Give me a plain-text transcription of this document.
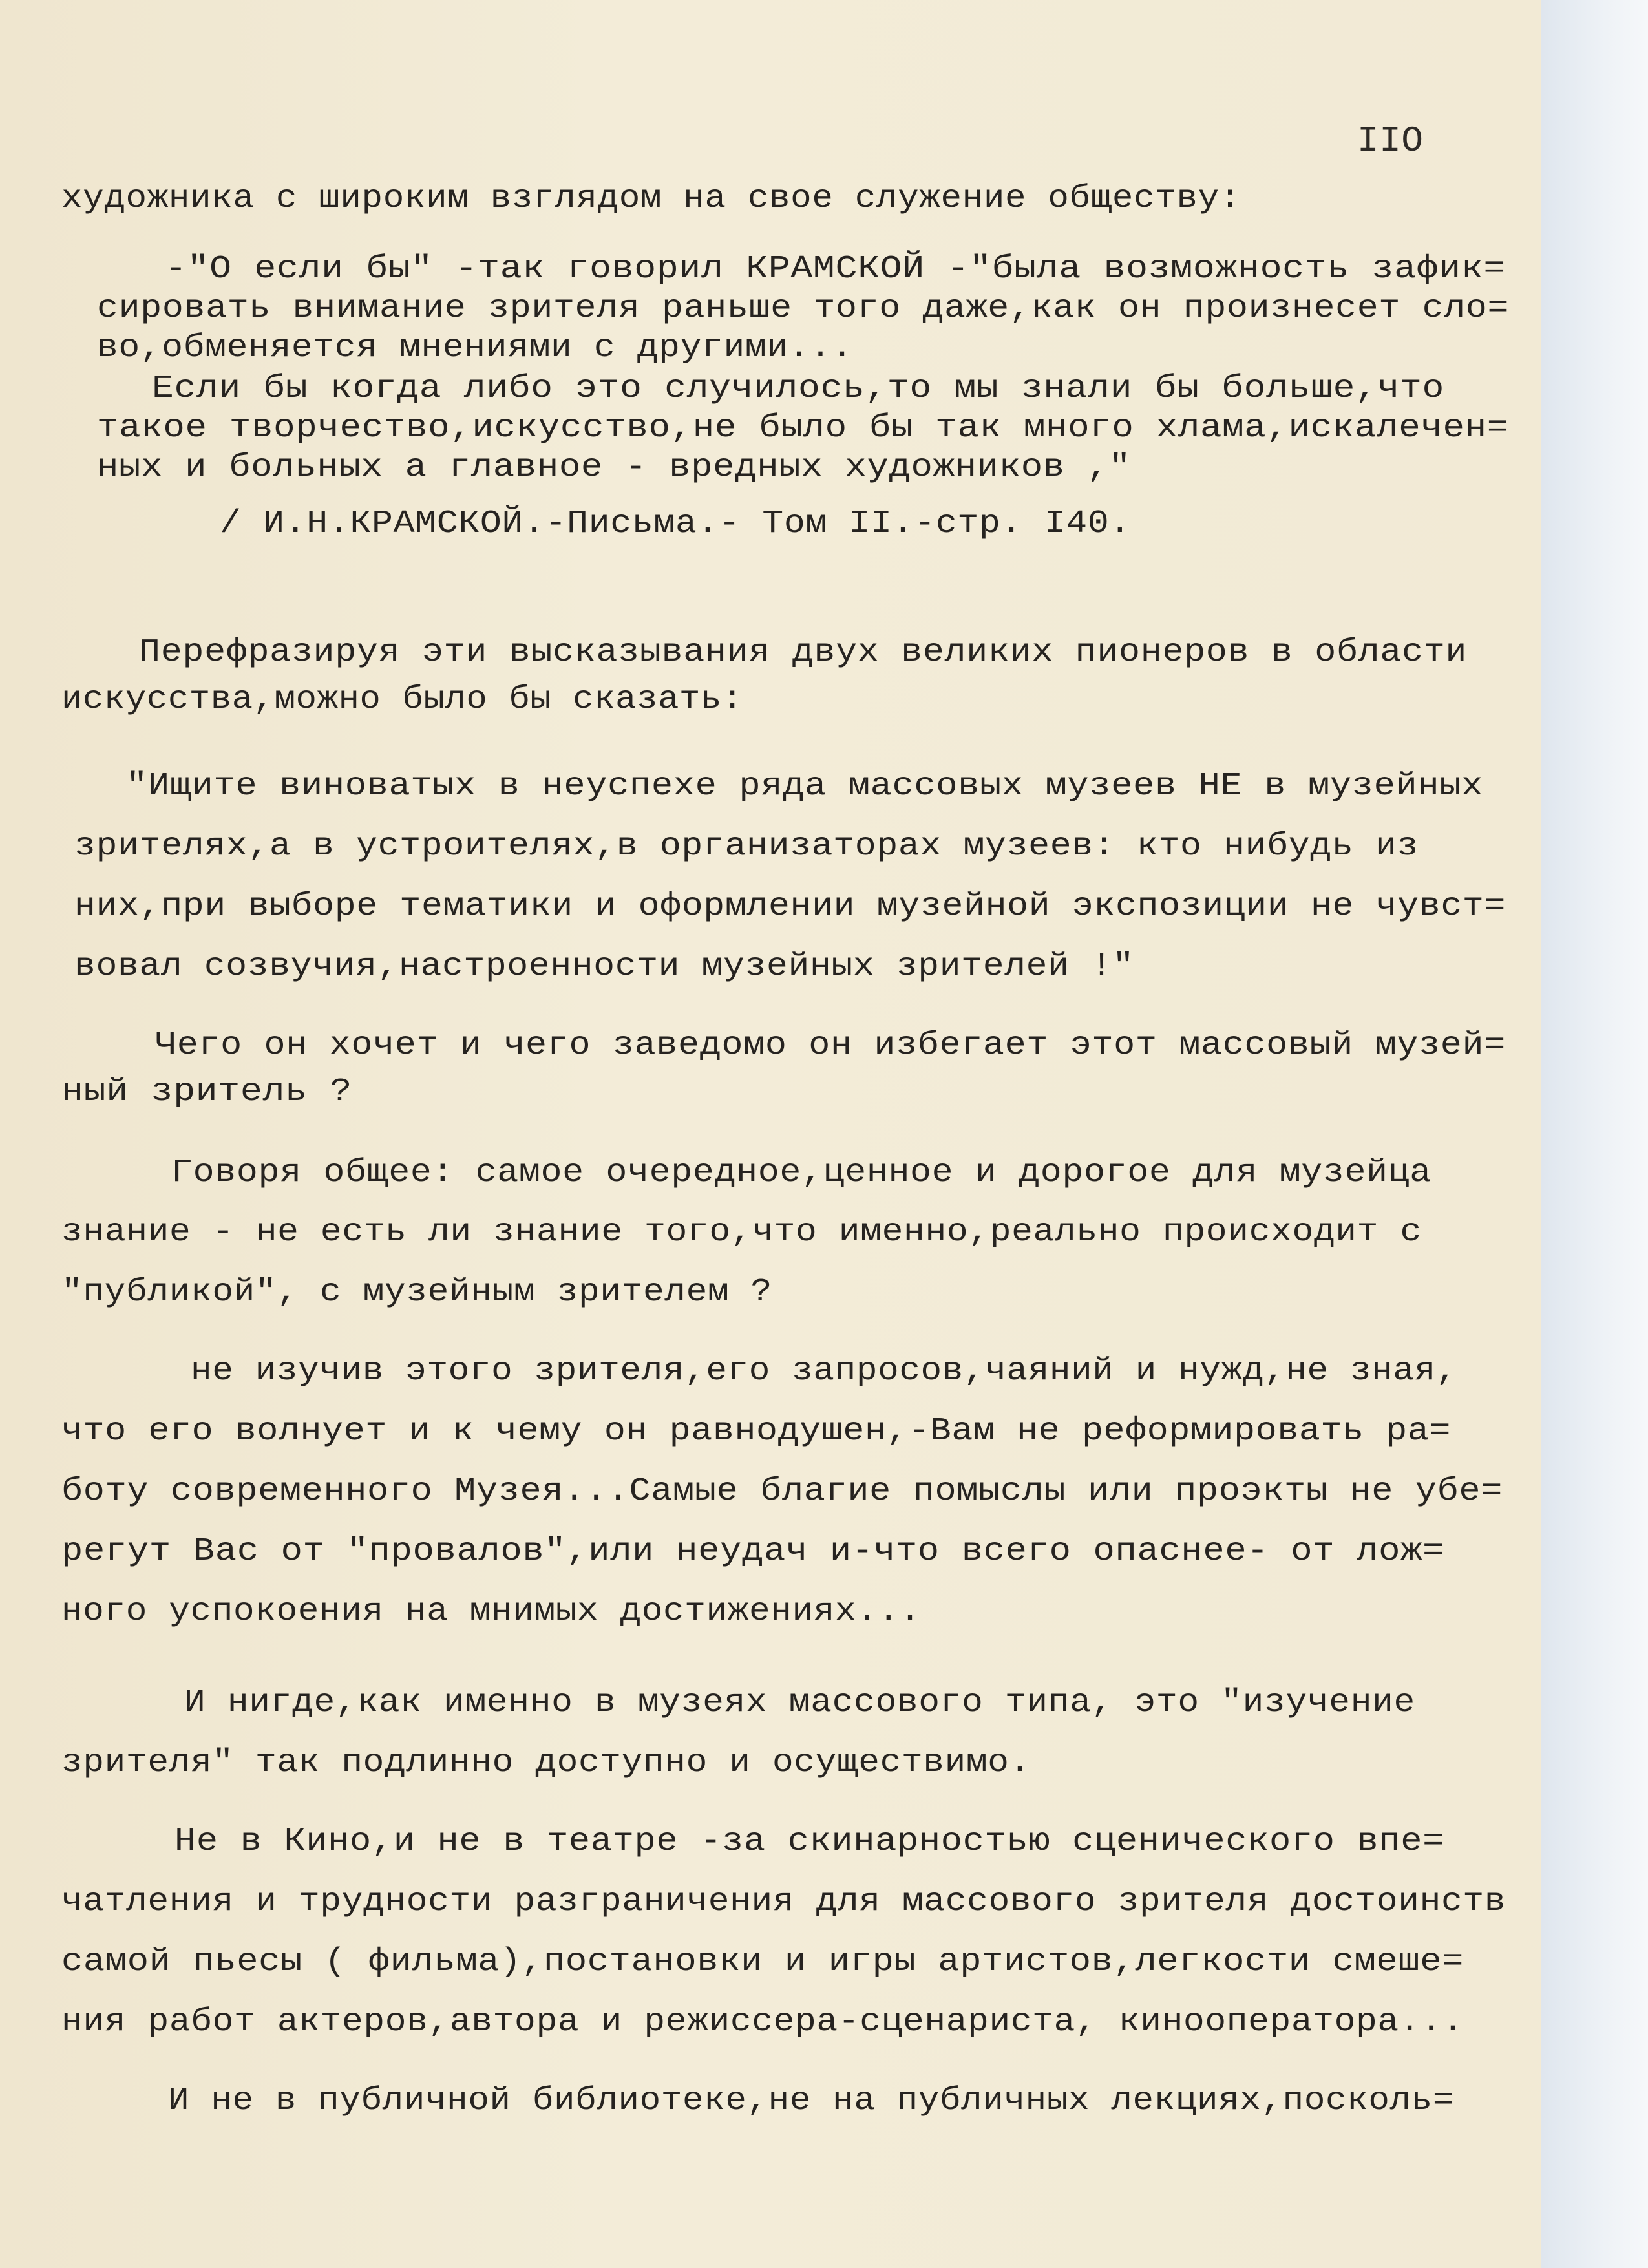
IIO
художника с широким взглядом на свое служение обществу:
-"О если бы" -так говорил КРАМСКОЙ -"была возможность зафик=
сировать внимание зрителя раньше того даже,как он произнесет сло=
во,обменяется мнениями с другими...
Если бы когда либо это случилось,то мы знали бы больше,что
такое творчество,искусство,не было бы так много хлама,искалечен=
ных и больных а главное - вредных художников ,"
/ И.Н.КРАМСКОЙ.-Письма.- Том II.-стр. I40.
Перефразируя эти высказывания двух великих пионеров в области
искусства,можно было бы сказать:
"Ищите виноватых в неуспехе ряда массовых музеев НЕ в музейных
зрителях,а в устроителях,в организаторах музеев: кто нибудь из
них,при выборе тематики и оформлении музейной экспозиции не чувст=
вовал созвучия,настроенности музейных зрителей !"
Чего он хочет и чего заведомо он избегает этот массовый музей=
ный зритель ?
Говоря общее: самое очередное,ценное и дорогое для музейца
знание - не есть ли знание того,что именно,реально происходит с
"публикой", с музейным зрителем ?
не изучив этого зрителя,его запросов,чаяний и нужд,не зная,
что его волнует и к чему он равнодушен,-Вам не реформировать ра=
боту современного Музея...Самые благие помыслы или проэкты не убе=
регут Вас от "провалов",или неудач и-что всего опаснее- от лож=
ного успокоения на мнимых достижениях...
И нигде,как именно в музеях массового типа, это "изучение
зрителя" так подлинно доступно и осуществимо.
Не в Кино,и не в театре -за скинарностью сценического впе=
чатления и трудности разграничения для массового зрителя достоинств
самой пьесы ( фильма),постановки и игры артистов,легкости смеше=
ния работ актеров,автора и режиссера-сценариста, кинооператора...
И не в публичной библиотеке,не на публичных лекциях,посколь=
